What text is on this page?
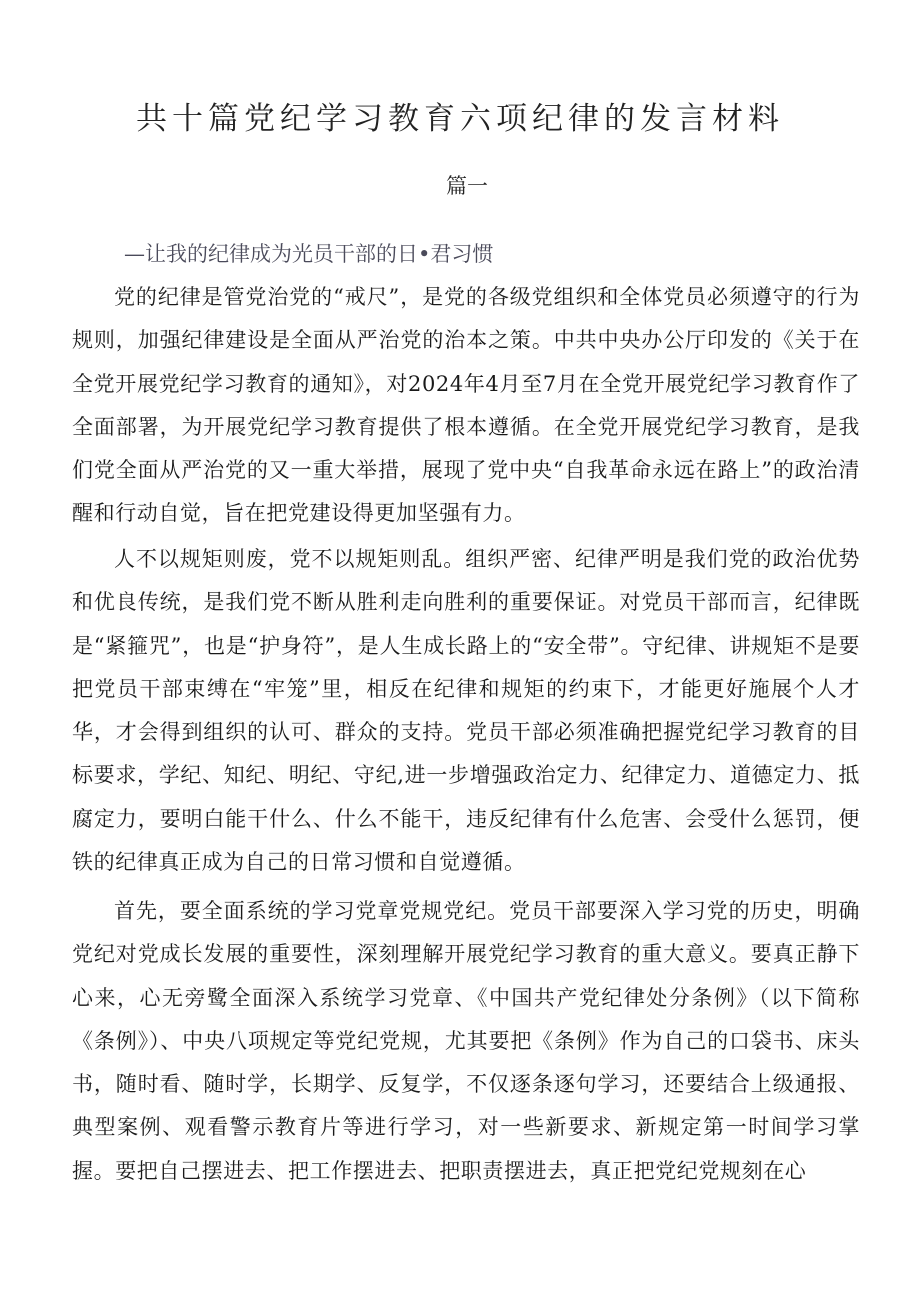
共十篇党纪学习教育六项纪律的发言材料
篇一
—让我的纪律成为光员干部的日•君习惯

党的纪律是管党治党的“戒尺”，是党的各级党组织和全体党员必须遵守的行为规则，加强纪律建设是全面从严治党的治本之策。中共中央办公厅印发的《关于在全党开展党纪学习教育的通知》，对2024年4月至7月在全党开展党纪学习教育作了全面部署，为开展党纪学习教育提供了根本遵循。在全党开展党纪学习教育，是我们党全面从严治党的又一重大举措，展现了党中央“自我革命永远在路上”的政治清醒和行动自觉，旨在把党建设得更加坚强有力。

人不以规矩则废，党不以规矩则乱。组织严密、纪律严明是我们党的政治优势和优良传统，是我们党不断从胜利走向胜利的重要保证。对党员干部而言，纪律既是“紧箍咒”，也是“护身符”，是人生成长路上的“安全带”。守纪律、讲规矩不是要把党员干部束缚在“牢笼”里，相反在纪律和规矩的约束下，才能更好施展个人才华，才会得到组织的认可、群众的支持。党员干部必须准确把握党纪学习教育的目标要求，学纪、知纪、明纪、守纪,进一步增强政治定力、纪律定力、道德定力、抵腐定力，要明白能干什么、什么不能干，违反纪律有什么危害、会受什么惩罚，便铁的纪律真正成为自己的日常习惯和自觉遵循。

首先，要全面系统的学习党章党规党纪。党员干部要深入学习党的历史，明确党纪对党成长发展的重要性，深刻理解开展党纪学习教育的重大意义。要真正静下心来，心无旁鹭全面深入系统学习党章、《中国共产党纪律处分条例》（以下简称《条例》）、中央八项规定等党纪党规，尤其要把《条例》作为自己的口袋书、床头书，随时看、随时学，长期学、反复学，不仅逐条逐句学习，还要结合上级通报、典型案例、观看警示教育片等进行学习，对一些新要求、新规定第一时间学习掌握。要把自己摆进去、把工作摆进去、把职责摆进去，真正把党纪党规刻在心
